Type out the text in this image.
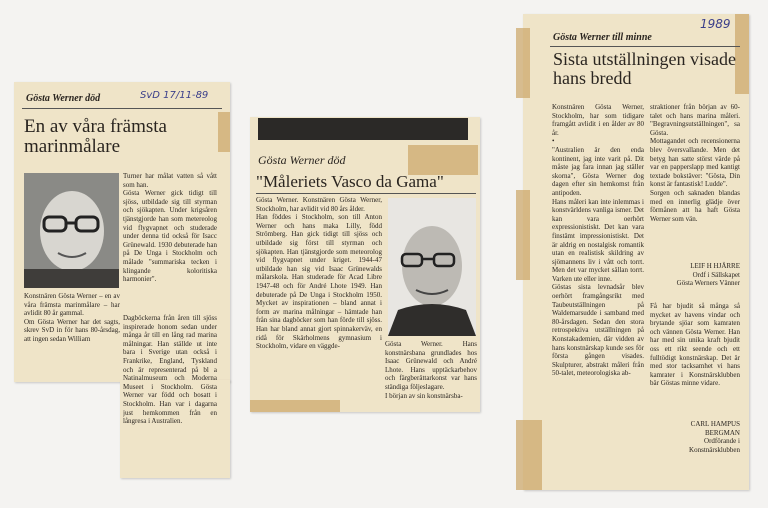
Gösta Werner död	SvD 17/11-89
En av våra främsta marinmålare
Konstnären Gösta Werner – en av våra främsta marinmålare – har avlidit 80 år gammal.
Om Gösta Werner har det sagts, skrev SvD in för hans 80-årsdag, att ingen sedan William
Turner har målat vatten så vått som han.
Gösta Werner gick tidigt till sjöss, utbildade sig till styrman och sjökapten. Under krigsåren tjänstgjorde han som metereolog vid flygvapnet och studerade under denna tid också för Isacc Grünewald. 1930 debuterade han på De Unga i Stockholm och målade "summariska tecken i klingande koloritiska harmonier".
Dagböckerna från åren till sjöss inspirerade honom sedan under många år till en lång rad marina målningar. Han ställde ut inte bara i Sverige utan också i Frankrike, England, Tyskland och är representerad på bl a Natinalmuseum och Moderna Museet i Stockholm. Gösta Werner var född och bosatt i Stockholm. Han var i dagarna just hemkommen från en långresa i Australien.
Gösta Werner död
"Måleriets Vasco da Gama"
Gösta Werner. Konstnären Gösta Werner, Stockholm, har avlidit vid 80 års ålder.
Han föddes i Stockholm, son till Anton Werner och hans maka Lilly, född Strömberg. Han gick tidigt till sjöss och utbildade sig först till styrman och sjökapten. Han tjänstgjorde som meteorolog vid flygvapnet under kriget. 1944-47 utbildade han sig vid Isaac Grünewalds målarskola. Han studerade för Acad Libre 1947-48 och för André Lhote 1949. Han debuterade på De Unga i Stockholm 1950. Mycket av inspirationen – bland annat i form av marina målningar – hämtade han från sina dagböcker som han förde till sjöss. Han har bland annat gjort spinnakerväv, en ridå för Skärholmens gymnasium i Stockholm, vidare en väggde-	Gösta Werner. Hans konstnärsbana grundlades hos Isaac Grünewald och André Lhote. Hans upptäckarbehov och färgberättarkonst var hans ständiga följeslagare.
I början av sin konstnärsba-
Gösta Werner till minne
1989
Sista utställningen visade hans bredd
Konstnären Gösta Werner, Stockholm, har som tidigare framgått avlidit i en ålder av 80 år.
•
"Australien är den enda kontinent, jag inte varit på. Dit måste jag fara innan jag ställer skorna", Gösta Werner dog dagen efter sin hemkomst från antipoden.
Hans måleri kan inte inlemmas i konstvärldens vanliga ismer. Det kan vara oerhört expressionistiskt. Det kan vara finstämt impressionistiskt. Det är aldrig en nostalgisk romantik utan en realistisk skildring av sjömannens liv i vått och torrt. Men det var mycket sällan torrt. Varken ute eller inne.
Göstas sista levnadsår blev oerhört framgångsrikt med Taubeutställningen på Waldemarsudde i samband med 80-årsdagen. Sedan den stora retrospektiva utställningen på Konstakademien, där vidden av hans konstnärskap kunde ses för första gången visades. Skulpturer, abstrakt måleri från 50-talet, meteorologiska ab-
straktioner från början av 60-talet och hans marina måleri. "Begravningsutställningen", sa Gösta.
Mottagandet och recensionerna blev översvallande. Men det betyg han satte störst värde på var en papperslapp med kantigt textade bokstäver: "Gösta, Din konst är fantastisk! Ludde".
Sorgen och saknaden blandas med en innerlig glädje över förmånen att ha haft Gösta Werner som vän.
LEIF H HJÄRRE
Ordf i Sällskapet
Gösta Werners Vänner
Få har bjudit så många så mycket av havens vindar och brytande sjöar som kamraten och vännen Gösta Werner. Han har med sin unika kraft bjudit oss ett rikt seende och ett fulltödigt konstnärskap. Det är med stor tacksamhet vi hans kamrater i Konstnärsklubben bär Göstas minne vidare.
CARL HAMPUS
BERGMAN
Ordförande i
Konstnärsklubben
